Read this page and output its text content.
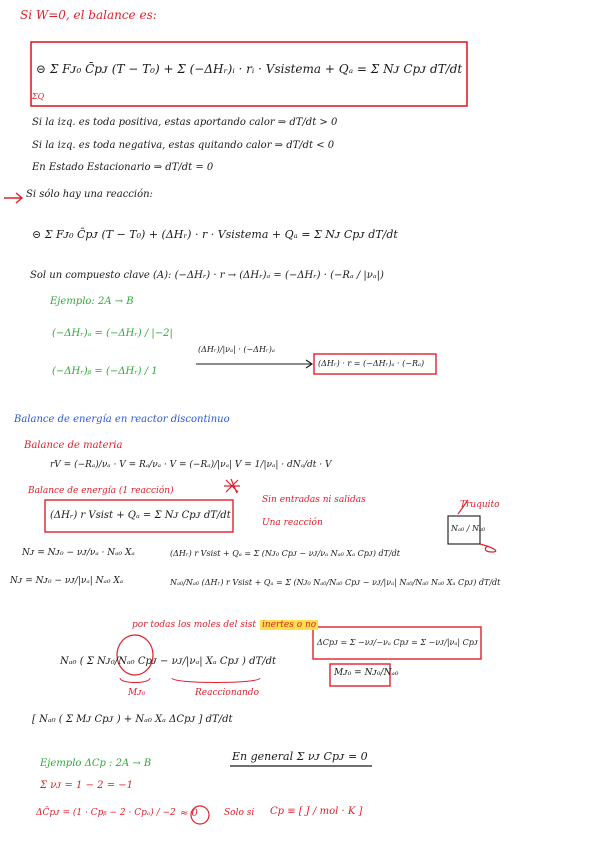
Si W=0, el balance es:
⊝ Σ Fᴊ₀ C̄pᴊ (T − T₀) + Σ (−ΔHᵣ)ᵢ · rᵢ · Vsistema + Qₐ = Σ Nᴊ Cpᴊ dT/dt
ΣQ
Si la izq. es toda positiva, estas aportando calor ⇒ dT/dt > 0
Si la izq. es toda negativa, estas quitando calor ⇒ dT/dt < 0
En Estado Estacionario ⇒ dT/dt = 0
Si sólo hay una reacción:
⊝ Σ Fᴊ₀ C̄pᴊ (T − T₀) + (ΔHᵣ) · r · Vsistema + Qₐ = Σ Nᴊ Cpᴊ dT/dt
Sol un compuesto clave (A): (−ΔHᵣ) · r → (ΔHᵣ)ₐ = (−ΔHᵣ) · (−Rₐ / |νₐ|)
Ejemplo: 2A → B
(−ΔHᵣ)ₐ = (−ΔHᵣ) / |−2|
(−ΔHᵣ)ᵦ = (−ΔHᵣ) / 1
(ΔHᵣ)/|νₐ| · (−ΔHᵣ)ₐ
(ΔHᵣ) · r = (−ΔHᵣ)ₐ · (−Rₐ)
Balance de energía en reactor discontinuo
Balance de materia
rV = (−Rₐ)/νₐ · V = Rₐ/νₐ · V = (−Rₐ)/|νₐ| V = 1/|νₐ| · dNₐ/dt · V
Balance de energía (1 reacción)
(ΔHᵣ) r Vsist + Qₐ = Σ Nᴊ Cpᴊ dT/dt
Sin entradas ni salidas
Una reacción
Truquito
Nₐ₀ / Nₐ₀
Nᴊ = Nᴊ₀ − νᴊ/νₐ · Nₐ₀ Xₐ
Nᴊ = Nᴊ₀ − νᴊ/|νₐ| Nₐ₀ Xₐ
(ΔHᵣ) r Vsist + Qₐ = Σ (Nᴊ₀ Cpᴊ − νᴊ/νₐ Nₐ₀ Xₐ Cpᴊ) dT/dt
Nₐ₀/Nₐ₀ (ΔHᵣ) r Vsist + Qₐ = Σ (Nᴊ₀ Nₐ₀/Nₐ₀ Cpᴊ − νᴊ/|νₐ| Nₐ₀/Nₐ₀ Nₐ₀ Xₐ Cpᴊ) dT/dt
por todas los moles del sist inertes o no
Nₐ₀ ( Σ Nᴊ₀/Nₐ₀ Cpᴊ − νᴊ/|νₐ| Xₐ Cpᴊ ) dT/dt
Mᴊ₀	Reaccionando
ΔCpᴊ = Σ −νᴊ/−νₐ Cpᴊ = Σ −νᴊ/|νₐ| Cpᴊ
Mᴊ₀ = Nᴊ₀/Nₐ₀
[ Nₐ₀ ( Σ Mᴊ Cpᴊ ) + Nₐ₀ Xₐ ΔCpᴊ ] dT/dt
En general Σ νᴊ Cpᴊ = 0
Ejemplo ΔCp : 2A → B
Σ νᴊ = 1 − 2 = −1
ΔC̄pᴊ = (1 · Cpᵦ − 2 · Cpₐ) / −2 ≈ 0	Solo si Cp ≡ [ J / mol · K ]
